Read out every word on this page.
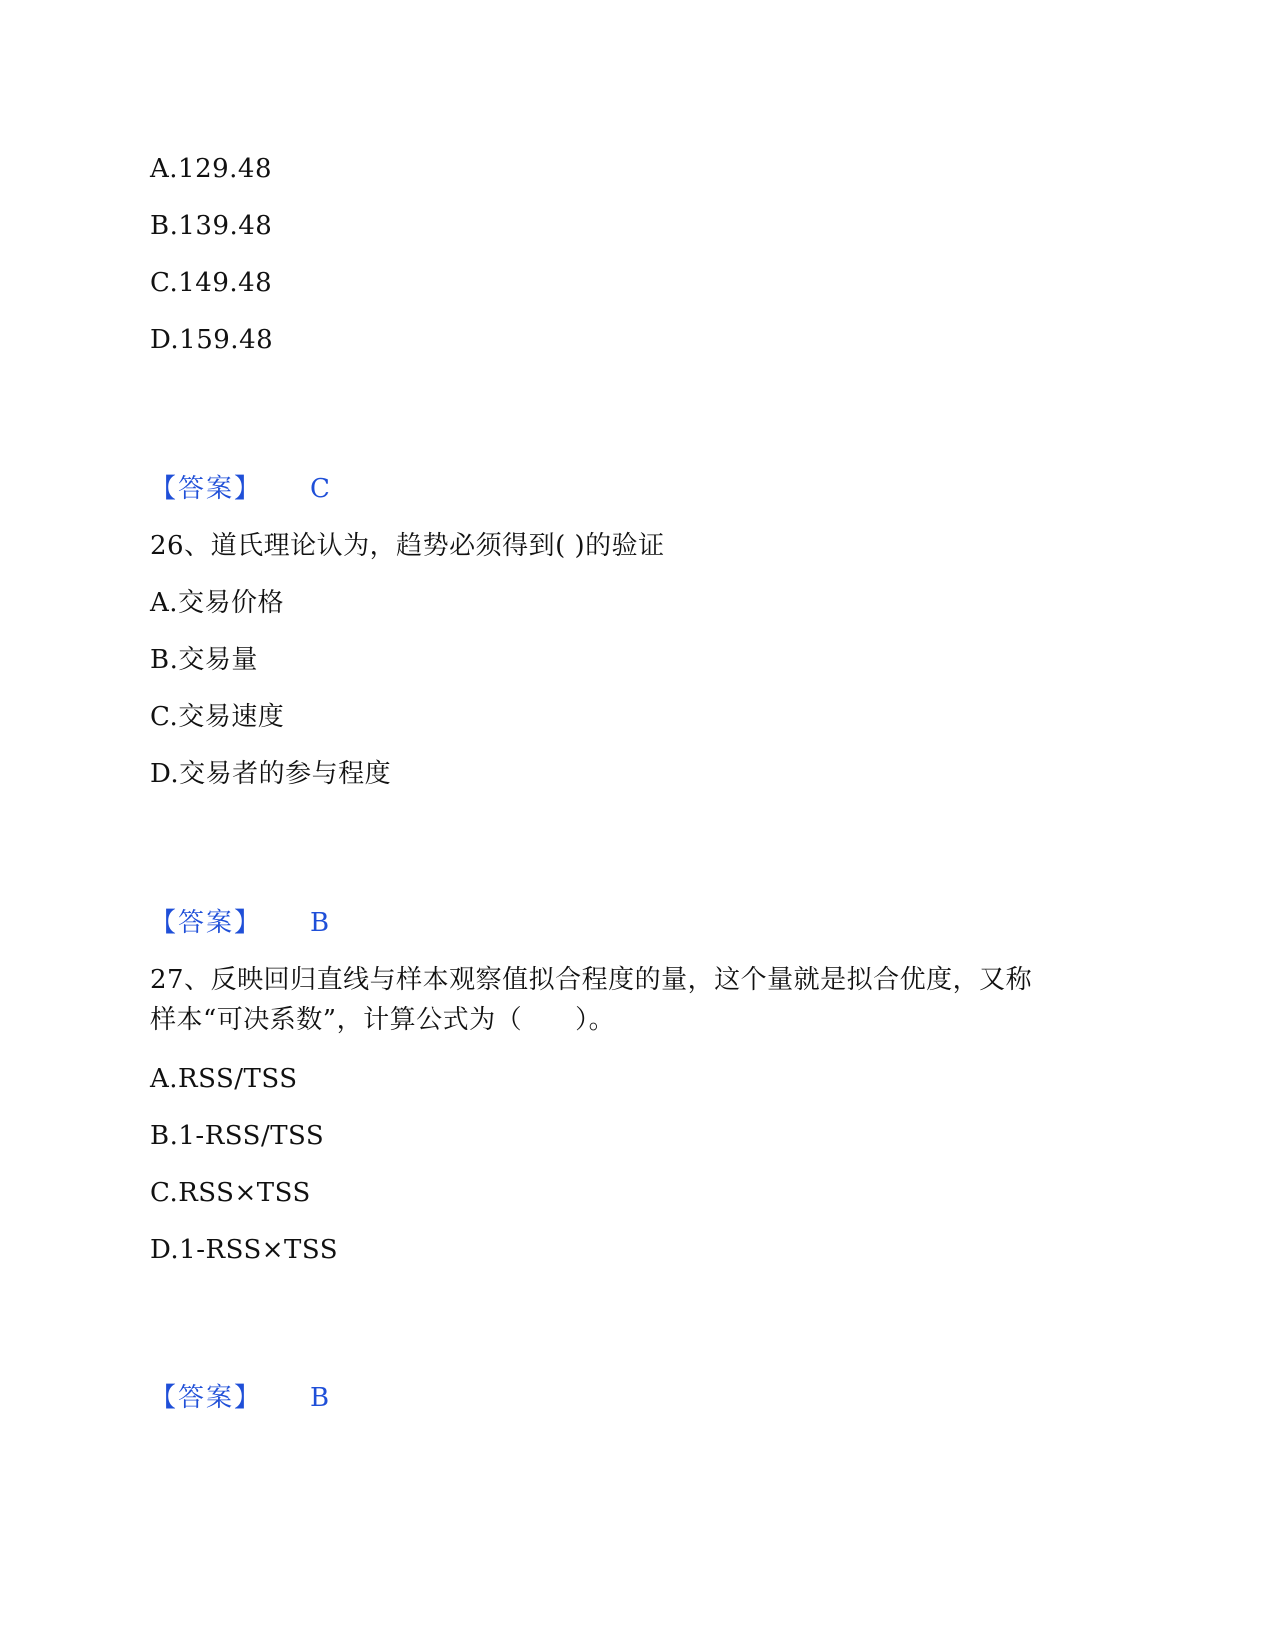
A.129.48
B.139.48
C.149.48
D.159.48
【答案】 C
26、道氏理论认为，趋势必须得到( )的验证
A.交易价格
B.交易量
C.交易速度
D.交易者的参与程度
【答案】 B
27、反映回归直线与样本观察值拟合程度的量，这个量就是拟合优度，又称
样本“可决系数”，计算公式为（　　）。
A.RSS/TSS
B.1-RSS/TSS
C.RSS×TSS
D.1-RSS×TSS
【答案】 B
